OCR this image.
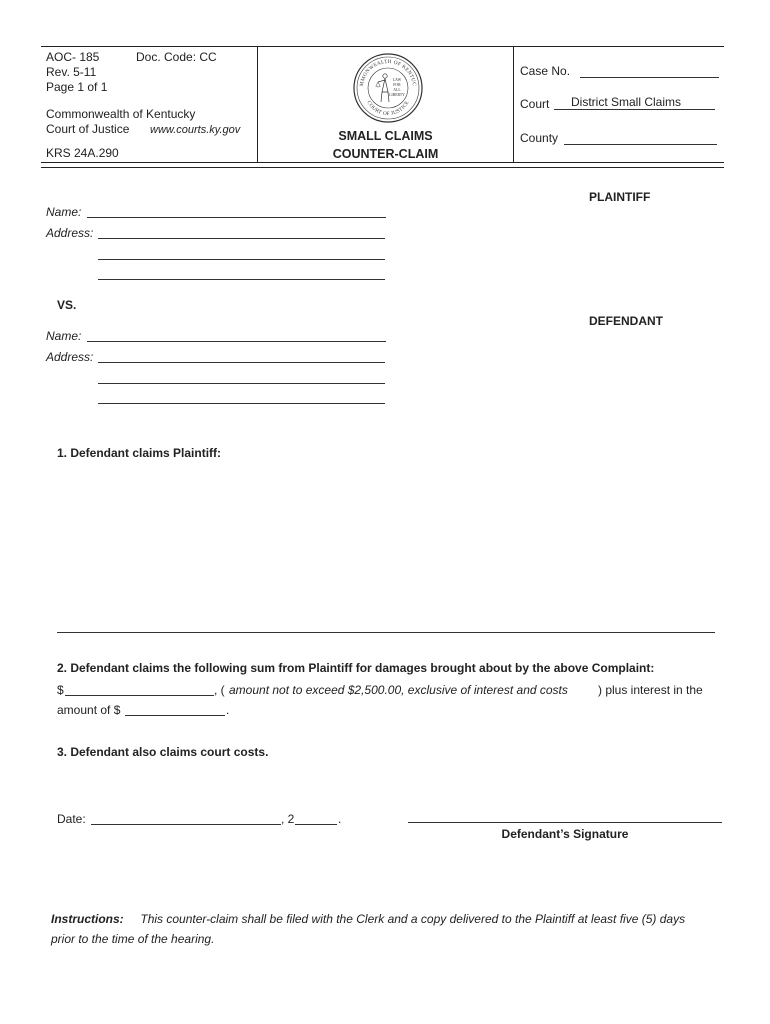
AOC- 185	Doc. Code: CC
Rev. 5-11
Page 1 of 1
Commonwealth of Kentucky
Court of Justice www.courts.ky.gov
KRS 24A.290
MMONWEALTH OF KENTUC
COURT OF JUSTICE
LAW
FOR
ALL
LIBERTY
SMALL CLAIMS
COUNTER-CLAIM
Case No.
Court District Small Claims
County
PLAINTIFF
Name:
Address:
VS.
DEFENDANT
Name:
Address:
1. Defendant claims Plaintiff:
2. Defendant claims the following sum from Plaintiff for damages brought about by the above Complaint:
$	, ( amount not to exceed $2,500.00, exclusive of interest and costs	) plus interest in the
amount of $	.
3. Defendant also claims court costs.
Date:	, 2	.
Defendant’s Signature
Instructions: This counter-claim shall be filed with the Clerk and a copy delivered to the Plaintiff at least five (5) days
prior to the time of the hearing.
